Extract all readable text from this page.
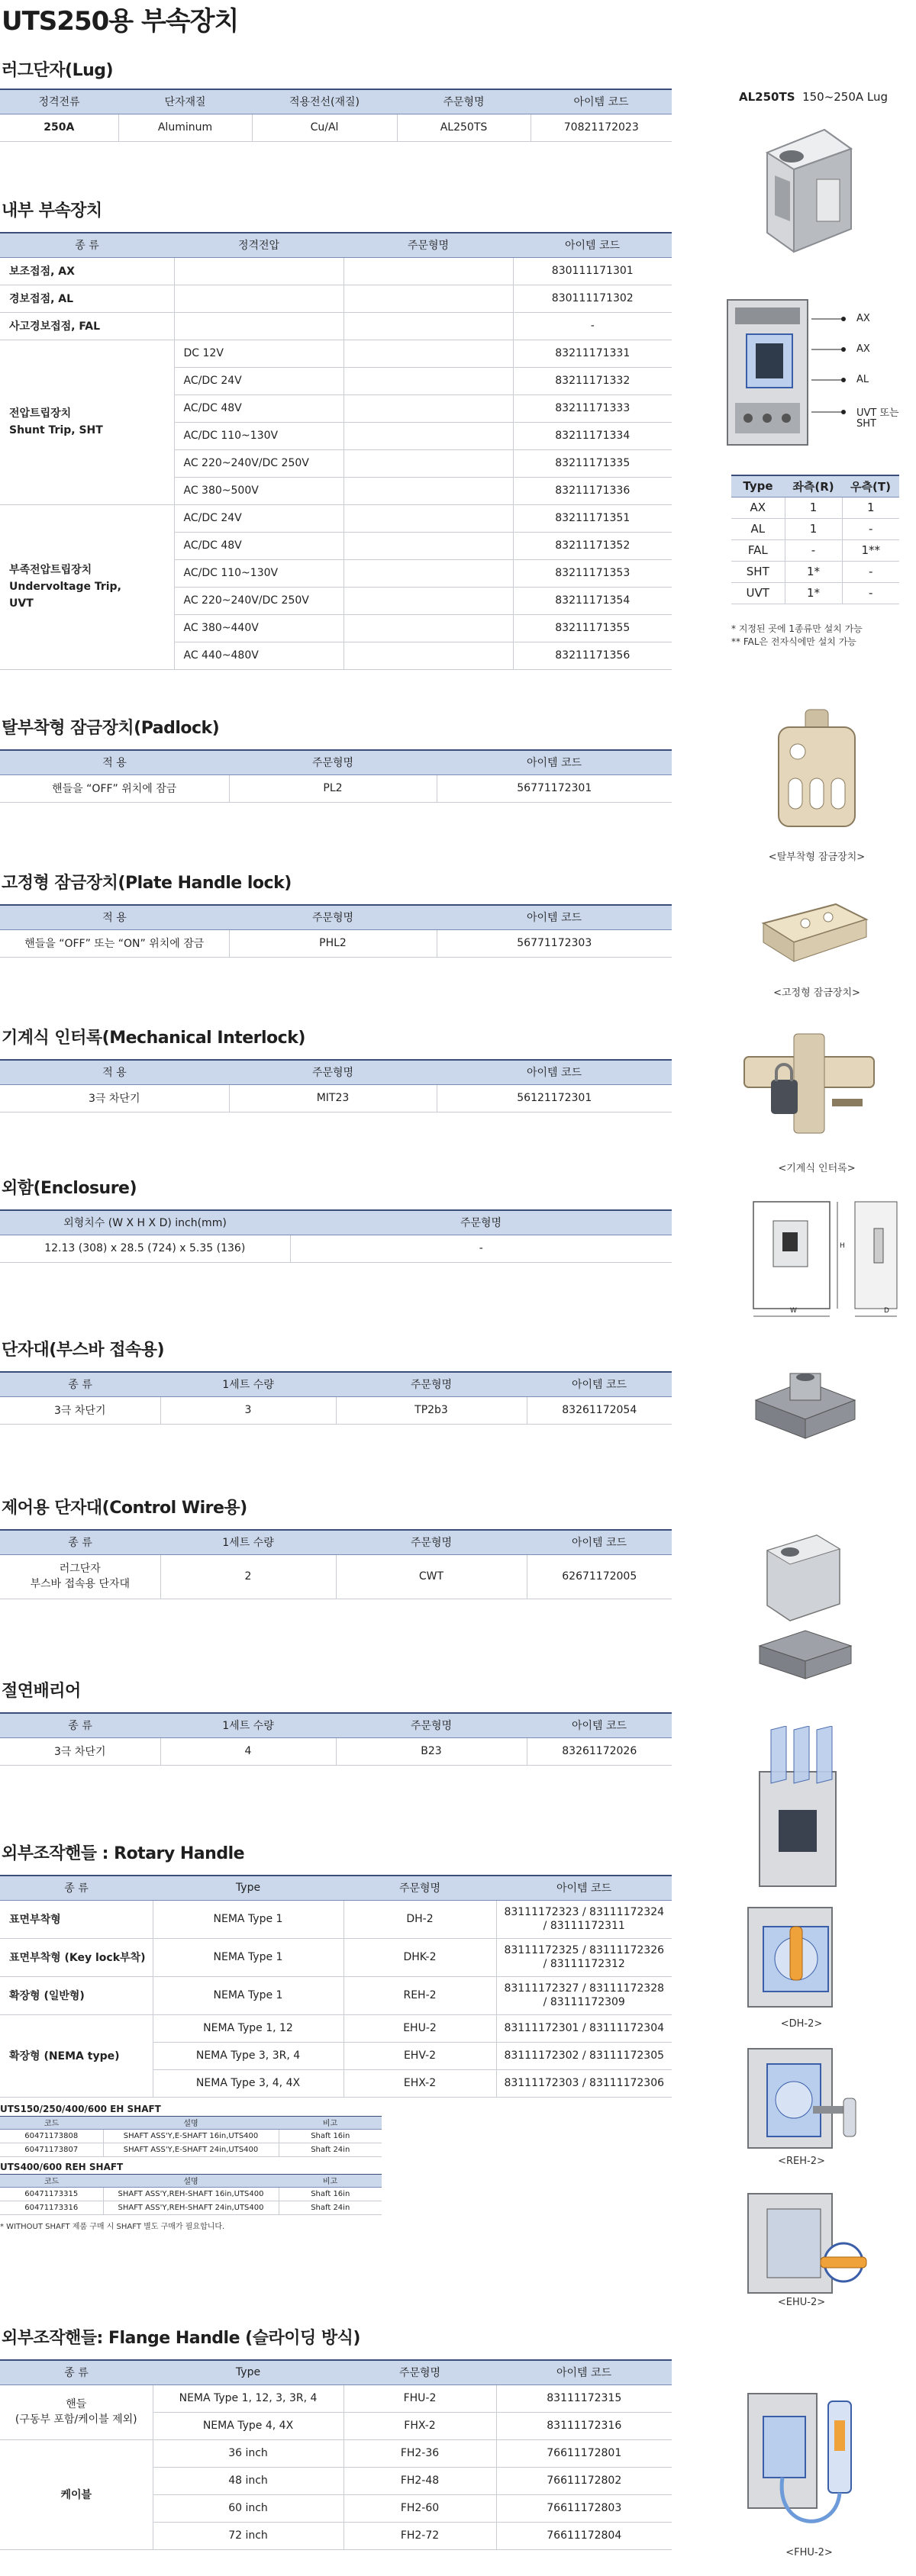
UTS250용 부속장치
러그단자(Lug)
정격전류	단자재질	적용전선(재질)	주문형명	아이템 코드
250A	Aluminum	Cu/Al	AL250TS	70821172023
AL250TS 150~250A Lug
내부 부속장치
종 류	정격전압	주문형명	아이템 코드
보조접점, AX			830111171301
경보접점, AL			830111171302
사고경보접점, FAL			-
전압트립장치
Shunt Trip, SHT	DC 12V		83211171331
	AC/DC 24V		83211171332
	AC/DC 48V		83211171333
	AC/DC 110~130V		83211171334
	AC 220~240V/DC 250V		83211171335
	AC 380~500V		83211171336
부족전압트립장치
Undervoltage Trip,
UVT	AC/DC 24V		83211171351
	AC/DC 48V		83211171352
	AC/DC 110~130V		83211171353
	AC 220~240V/DC 250V		83211171354
	AC 380~440V		83211171355
	AC 440~480V		83211171356
AX
AX
AL
UVT 또는
SHT
Type	좌측(R)	우측(T)
AX	1	1
AL	1	-
FAL	-	1**
SHT	1*	-
UVT	1*	-
* 지정된 곳에 1종류만 설치 가능
** FAL은 전자식에만 설치 가능
탈부착형 잠금장치(Padlock)
적 용	주문형명	아이템 코드
핸들을 “OFF” 위치에 잠금	PL2	56771172301
<탈부착형 잠금장치>
고정형 잠금장치(Plate Handle lock)
적 용	주문형명	아이템 코드
핸들을 “OFF” 또는 “ON” 위치에 잠금	PHL2	56771172303
<고정형 잠금장치>
기계식 인터록(Mechanical Interlock)
적 용	주문형명	아이템 코드
3극 차단기	MIT23	56121172301
<기계식 인터록>
외함(Enclosure)
외형치수 (W X H X D) inch(mm)	주문형명
12.13 (308) x 28.5 (724) x 5.35 (136)	-
W
H
D
단자대(부스바 접속용)
종 류	1세트 수량	주문형명	아이템 코드
3극 차단기	3	TP2b3	83261172054
제어용 단자대(Control Wire용)
종 류	1세트 수량	주문형명	아이템 코드
러그단자
부스바 접속용 단자대	2	CWT	62671172005
절연배리어
종 류	1세트 수량	주문형명	아이템 코드
3극 차단기	4	B23	83261172026
외부조작핸들 : Rotary Handle
종 류	Type	주문형명	아이템 코드
표면부착형	NEMA Type 1	DH-2	83111172323 / 83111172324
/ 83111172311
표면부착형 (Key lock부착)	NEMA Type 1	DHK-2	83111172325 / 83111172326
/ 83111172312
확장형 (일반형)	NEMA Type 1	REH-2	83111172327 / 83111172328
/ 83111172309
확장형 (NEMA type)	NEMA Type 1, 12	EHU-2	83111172301 / 83111172304
	NEMA Type 3, 3R, 4	EHV-2	83111172302 / 83111172305
	NEMA Type 3, 4, 4X	EHX-2	83111172303 / 83111172306
UTS150/250/400/600 EH SHAFT
코드	설명	비고
60471173808	SHAFT ASS'Y,E-SHAFT 16in,UTS400	Shaft 16in
60471173807	SHAFT ASS'Y,E-SHAFT 24in,UTS400	Shaft 24in
UTS400/600 REH SHAFT
코드	설명	비고
60471173315	SHAFT ASS'Y,REH-SHAFT 16in,UTS400	Shaft 16in
60471173316	SHAFT ASS'Y,REH-SHAFT 24in,UTS400	Shaft 24in
* WITHOUT SHAFT 제품 구매 시 SHAFT 별도 구매가 필요합니다.
<DH-2>
<REH-2>
<EHU-2>
외부조작핸들: Flange Handle (슬라이딩 방식)
종 류	Type	주문형명	아이템 코드
핸들
(구동부 포함/케이블 제외)	NEMA Type 1, 12, 3, 3R, 4	FHU-2	83111172315
	NEMA Type 4, 4X	FHX-2	83111172316
케이블	36 inch	FH2-36	76611172801
	48 inch	FH2-48	76611172802
	60 inch	FH2-60	76611172803
	72 inch	FH2-72	76611172804
<FHU-2>
